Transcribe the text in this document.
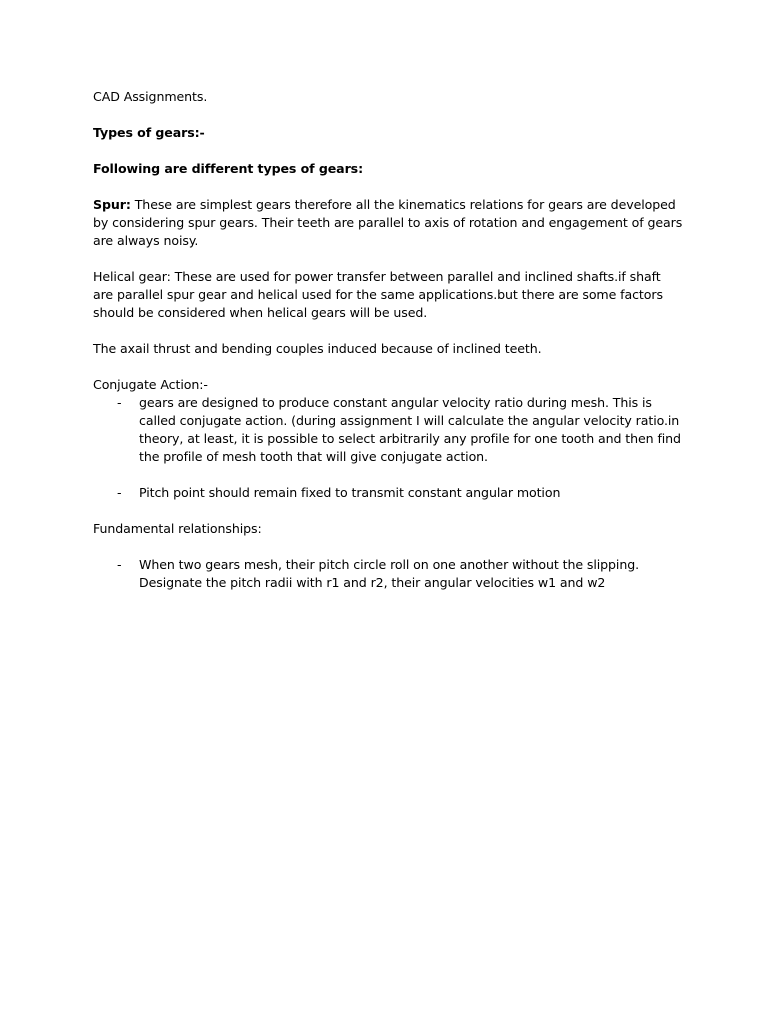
CAD Assignments.

Types of gears:-

Following are different types of gears:

Spur: These are simplest gears therefore all the kinematics relations for gears are developed by considering spur gears. Their teeth are parallel to axis of rotation and engagement of gears are always noisy.

Helical gear: These are used for power transfer between parallel and inclined shafts.if shaft are parallel spur gear and helical used for the same applications.but there are some factors should be considered when helical gears will be used.

The axail thrust and bending couples induced because of inclined teeth.

Conjugate Action:-

- gears are designed to produce constant angular velocity ratio during mesh. This is called conjugate action. (during assignment I will calculate the angular velocity ratio.in theory, at least, it is possible to select arbitrarily any profile for one tooth and then find the profile of mesh tooth that will give conjugate action.
- Pitch point should remain fixed to transmit constant angular motion

Fundamental relationships:

- When two gears mesh, their pitch circle roll on one another without the slipping. Designate the pitch radii with r1 and r2, their angular velocities w1 and w2
